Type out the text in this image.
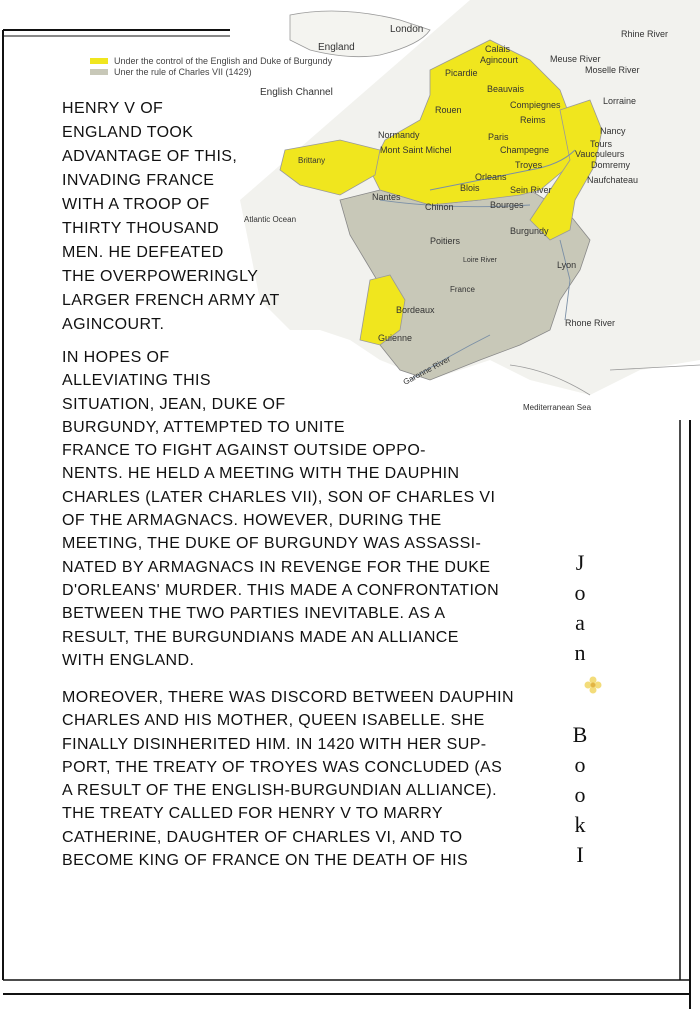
London
England
English Channel
Calais
Agincourt
Picardie
Beauvais
Rouen	Compiegnes
Reims
Normandy	Paris
Mont Saint Michel	Champegne
Brittany	Troyes
Orleans
Blois	Sein River
Nantes
Chinon	Bourges
Atlantic Ocean
Burgundy
Poitiers
Loire River	Lyon
France
Bordeaux
Guienne
Garonne River
Rhone River
Mediterranean Sea
Rhine River
Meuse River
Moselle River
Lorraine
Nancy
Tours
Vaucouleurs
Domremy
Naufchateau
Under the control of the English and Duke of Burgundy
Uner the rule of Charles VII (1429)

HENRY V OF
ENGLAND TOOK
ADVANTAGE OF THIS,
INVADING FRANCE
WITH A TROOP OF
THIRTY THOUSAND
MEN. HE DEFEATED
THE OVERPOWERINGLY
LARGER FRENCH ARMY AT
AGINCOURT.

IN HOPES OF
ALLEVIATING THIS
SITUATION, JEAN, DUKE OF
BURGUNDY, ATTEMPTED TO UNITE
FRANCE TO FIGHT AGAINST OUTSIDE OPPO-
NENTS. HE HELD A MEETING WITH THE DAUPHIN
CHARLES (LATER CHARLES VII), SON OF CHARLES VI
OF THE ARMAGNACS. HOWEVER, DURING THE
MEETING, THE DUKE OF BURGUNDY WAS ASSASSI-
NATED BY ARMAGNACS IN REVENGE FOR THE DUKE
D'ORLEANS' MURDER. THIS MADE A CONFRONTATION
BETWEEN THE TWO PARTIES INEVITABLE. AS A
RESULT, THE BURGUNDIANS MADE AN ALLIANCE
WITH ENGLAND.

MOREOVER, THERE WAS DISCORD BETWEEN DAUPHIN
CHARLES AND HIS MOTHER, QUEEN ISABELLE. SHE
FINALLY DISINHERITED HIM. IN 1420 WITH HER SUP-
PORT, THE TREATY OF TROYES WAS CONCLUDED (AS
A RESULT OF THE ENGLISH-BURGUNDIAN ALLIANCE).
THE TREATY CALLED FOR HENRY V TO MARRY
CATHERINE, DAUGHTER OF CHARLES VI, AND TO
BECOME KING OF FRANCE ON THE DEATH OF HIS

J
o
a
n
B
o
o
k
I
